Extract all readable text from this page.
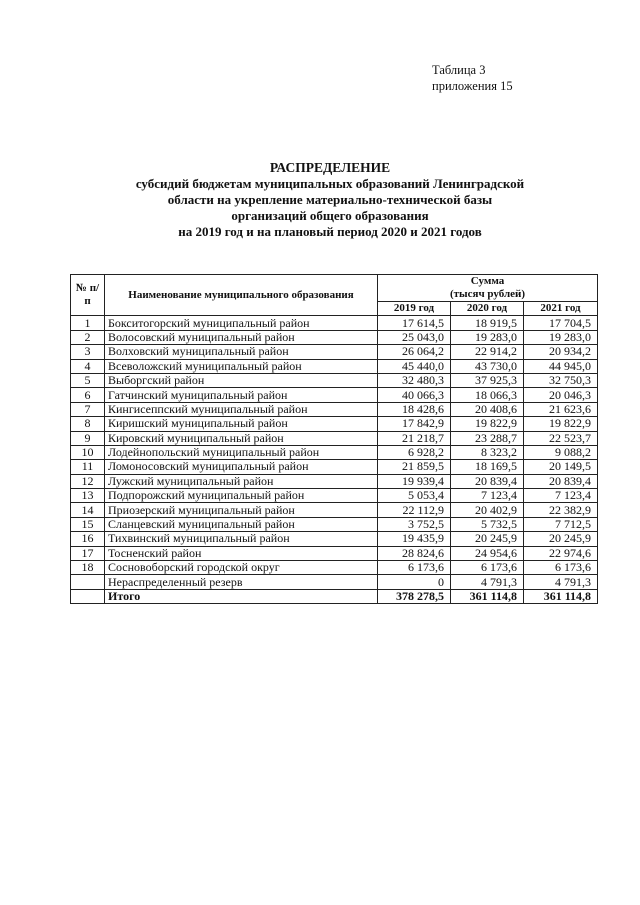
Таблица 3
приложения 15
РАСПРЕДЕЛЕНИЕ
субсидий бюджетам муниципальных образований Ленинградской
области на укрепление материально-технической базы
организаций общего образования
на 2019 год и на плановый период 2020 и 2021 годов
№ п/п	Наименование муниципального образования	Сумма
(тысяч рублей)		

		2019 год	2020 год	2021 год
1	Бокситогорский муниципальный район	17 614,5	18 919,5	17 704,5
2	Волосовский муниципальный район	25 043,0	19 283,0	19 283,0
3	Волховский муниципальный район	26 064,2	22 914,2	20 934,2
4	Всеволожский муниципальный район	45 440,0	43 730,0	44 945,0
5	Выборгский район	32 480,3	37 925,3	32 750,3
6	Гатчинский муниципальный район	40 066,3	18 066,3	20 046,3
7	Кингисеппский муниципальный район	18 428,6	20 408,6	21 623,6
8	Киришский муниципальный район	17 842,9	19 822,9	19 822,9
9	Кировский муниципальный район	21 218,7	23 288,7	22 523,7
10	Лодейнопольский муниципальный район	6 928,2	8 323,2	9 088,2
11	Ломоносовский муниципальный район	21 859,5	18 169,5	20 149,5
12	Лужский муниципальный район	19 939,4	20 839,4	20 839,4
13	Подпорожский муниципальный район	5 053,4	7 123,4	7 123,4
14	Приозерский муниципальный район	22 112,9	20 402,9	22 382,9
15	Сланцевский муниципальный район	3 752,5	5 732,5	7 712,5
16	Тихвинский муниципальный район	19 435,9	20 245,9	20 245,9
17	Тосненский район	28 824,6	24 954,6	22 974,6
18	Сосновоборский городской округ	6 173,6	6 173,6	6 173,6
	Нераспределенный резерв	0	4 791,3	4 791,3
	Итого	378 278,5	361 114,8	361 114,8
